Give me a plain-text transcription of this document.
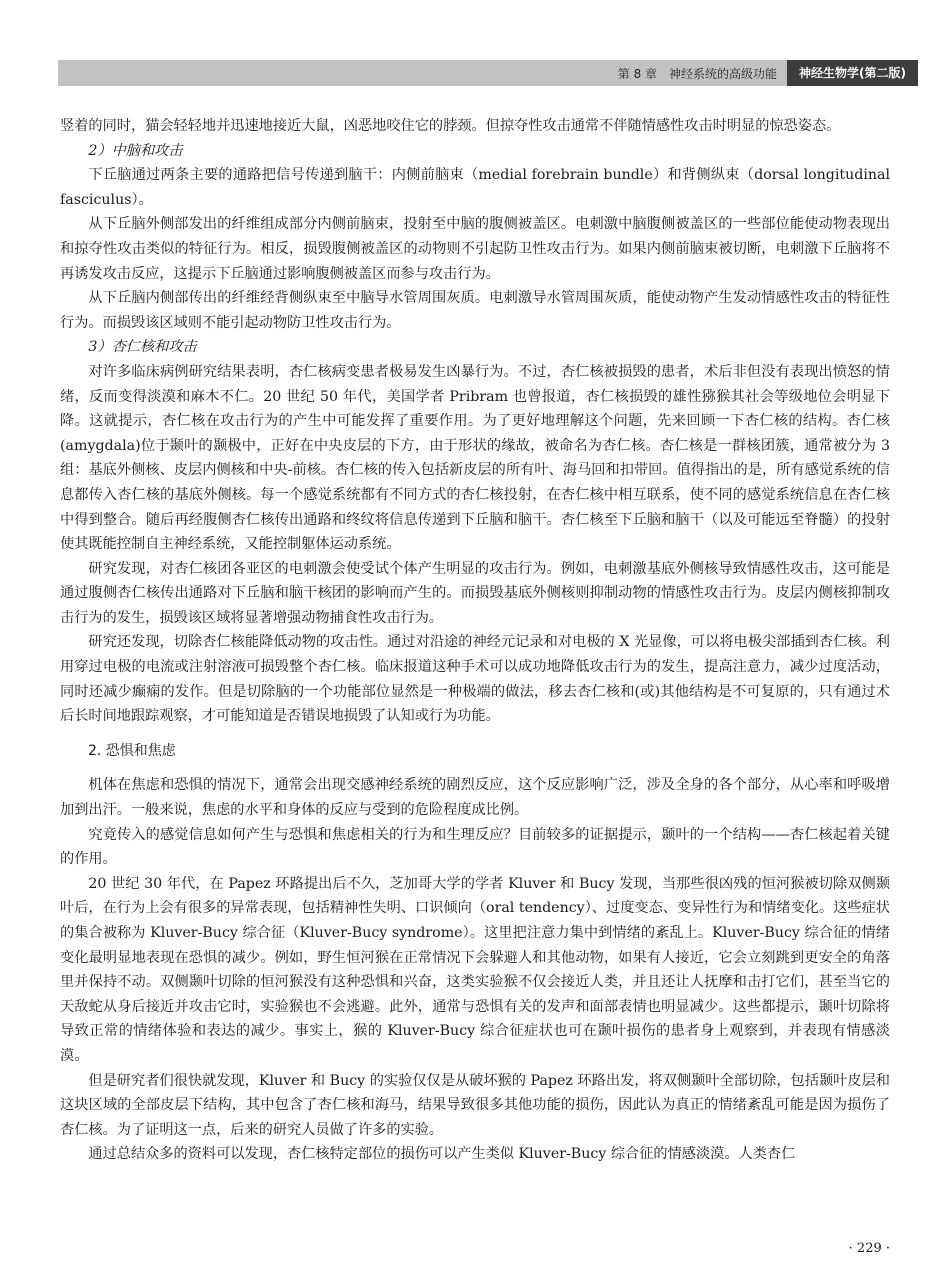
第 8 章　神经系统的高级功能	神经生物学(第二版)

竖着的同时，猫会轻轻地并迅速地接近大鼠，凶恶地咬住它的脖颈。但掠夺性攻击通常不伴随情感性攻击时明显的惊恐姿态。

2）中脑和攻击

下丘脑通过两条主要的通路把信号传递到脑干：内侧前脑束（medial forebrain bundle）和背侧纵束（dorsal longitudinal fasciculus）。

从下丘脑外侧部发出的纤维组成部分内侧前脑束，投射至中脑的腹侧被盖区。电刺激中脑腹侧被盖区的一些部位能使动物表现出和掠夺性攻击类似的特征行为。相反，损毁腹侧被盖区的动物则不引起防卫性攻击行为。如果内侧前脑束被切断，电刺激下丘脑将不再诱发攻击反应，这提示下丘脑通过影响腹侧被盖区而参与攻击行为。

从下丘脑内侧部传出的纤维经背侧纵束至中脑导水管周围灰质。电刺激导水管周围灰质，能使动物产生发动情感性攻击的特征性行为。而损毁该区域则不能引起动物防卫性攻击行为。

3）杏仁核和攻击

对许多临床病例研究结果表明，杏仁核病变患者极易发生凶暴行为。不过，杏仁核被损毁的患者，术后非但没有表现出愤怒的情绪，反而变得淡漠和麻木不仁。20 世纪 50 年代，美国学者 Pribram 也曾报道，杏仁核损毁的雄性猕猴其社会等级地位会明显下降。这就提示，杏仁核在攻击行为的产生中可能发挥了重要作用。为了更好地理解这个问题，先来回顾一下杏仁核的结构。杏仁核(amygdala)位于颞叶的颞极中，正好在中央皮层的下方，由于形状的缘故，被命名为杏仁核。杏仁核是一群核团簇，通常被分为 3 组：基底外侧核、皮层内侧核和中央-前核。杏仁核的传入包括新皮层的所有叶、海马回和扣带回。值得指出的是，所有感觉系统的信息都传入杏仁核的基底外侧核。每一个感觉系统都有不同方式的杏仁核投射，在杏仁核中相互联系，使不同的感觉系统信息在杏仁核中得到整合。随后再经腹侧杏仁核传出通路和终纹将信息传递到下丘脑和脑干。杏仁核至下丘脑和脑干（以及可能远至脊髓）的投射使其既能控制自主神经系统，又能控制躯体运动系统。

研究发现，对杏仁核团各亚区的电刺激会使受试个体产生明显的攻击行为。例如，电刺激基底外侧核导致情感性攻击，这可能是通过腹侧杏仁核传出通路对下丘脑和脑干核团的影响而产生的。而损毁基底外侧核则抑制动物的情感性攻击行为。皮层内侧核抑制攻击行为的发生，损毁该区域将显著增强动物捕食性攻击行为。

研究还发现，切除杏仁核能降低动物的攻击性。通过对沿途的神经元记录和对电极的 X 光显像，可以将电极尖部插到杏仁核。利用穿过电极的电流或注射溶液可损毁整个杏仁核。临床报道这种手术可以成功地降低攻击行为的发生，提高注意力，减少过度活动，同时还减少癫痫的发作。但是切除脑的一个功能部位显然是一种极端的做法，移去杏仁核和(或)其他结构是不可复原的，只有通过术后长时间地跟踪观察，才可能知道是否错误地损毁了认知或行为功能。

2. 恐惧和焦虑

机体在焦虑和恐惧的情况下，通常会出现交感神经系统的剧烈反应，这个反应影响广泛，涉及全身的各个部分，从心率和呼吸增加到出汗。一般来说，焦虑的水平和身体的反应与受到的危险程度成比例。

究竟传入的感觉信息如何产生与恐惧和焦虑相关的行为和生理反应？目前较多的证据提示，颞叶的一个结构——杏仁核起着关键的作用。

20 世纪 30 年代，在 Papez 环路提出后不久，芝加哥大学的学者 Kluver 和 Bucy 发现，当那些很凶残的恒河猴被切除双侧颞叶后，在行为上会有很多的异常表现，包括精神性失明、口识倾向（oral tendency）、过度变态、变异性行为和情绪变化。这些症状的集合被称为 Kluver-Bucy 综合征（Kluver-Bucy syndrome）。这里把注意力集中到情绪的紊乱上。Kluver-Bucy 综合征的情绪变化最明显地表现在恐惧的减少。例如，野生恒河猴在正常情况下会躲避人和其他动物，如果有人接近，它会立刻跳到更安全的角落里并保持不动。双侧颞叶切除的恒河猴没有这种恐惧和兴奋，这类实验猴不仅会接近人类，并且还让人抚摩和击打它们，甚至当它的天敌蛇从身后接近并攻击它时，实验猴也不会逃避。此外，通常与恐惧有关的发声和面部表情也明显减少。这些都提示，颞叶切除将导致正常的情绪体验和表达的减少。事实上，猴的 Kluver-Bucy 综合征症状也可在颞叶损伤的患者身上观察到，并表现有情感淡漠。

但是研究者们很快就发现，Kluver 和 Bucy 的实验仅仅是从破坏猴的 Papez 环路出发，将双侧颞叶全部切除，包括颞叶皮层和这块区域的全部皮层下结构，其中包含了杏仁核和海马，结果导致很多其他功能的损伤，因此认为真正的情绪紊乱可能是因为损伤了杏仁核。为了证明这一点，后来的研究人员做了许多的实验。

通过总结众多的资料可以发现，杏仁核特定部位的损伤可以产生类似 Kluver-Bucy 综合征的情感淡漠。人类杏仁

· 229 ·
